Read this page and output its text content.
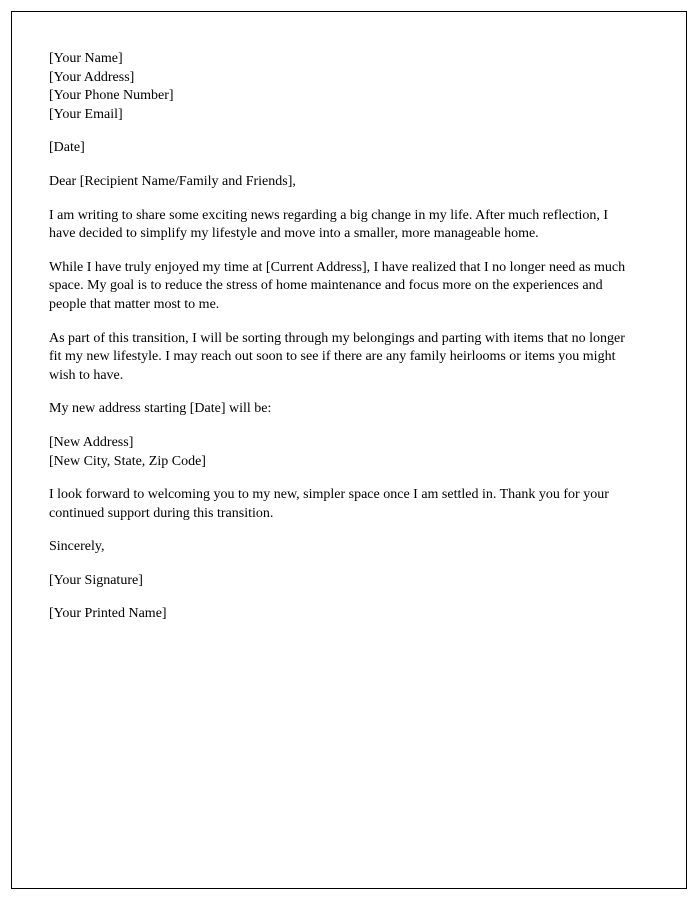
[Your Name]
[Your Address]
[Your Phone Number]
[Your Email]

[Date]

Dear [Recipient Name/Family and Friends],

I am writing to share some exciting news regarding a big change in my life. After much reflection, I have decided to simplify my lifestyle and move into a smaller, more manageable home.

While I have truly enjoyed my time at [Current Address], I have realized that I no longer need as much space. My goal is to reduce the stress of home maintenance and focus more on the experiences and people that matter most to me.

As part of this transition, I will be sorting through my belongings and parting with items that no longer fit my new lifestyle. I may reach out soon to see if there are any family heirlooms or items you might wish to have.

My new address starting [Date] will be:

[New Address]
[New City, State, Zip Code]

I look forward to welcoming you to my new, simpler space once I am settled in. Thank you for your continued support during this transition.

Sincerely,

[Your Signature]

[Your Printed Name]
